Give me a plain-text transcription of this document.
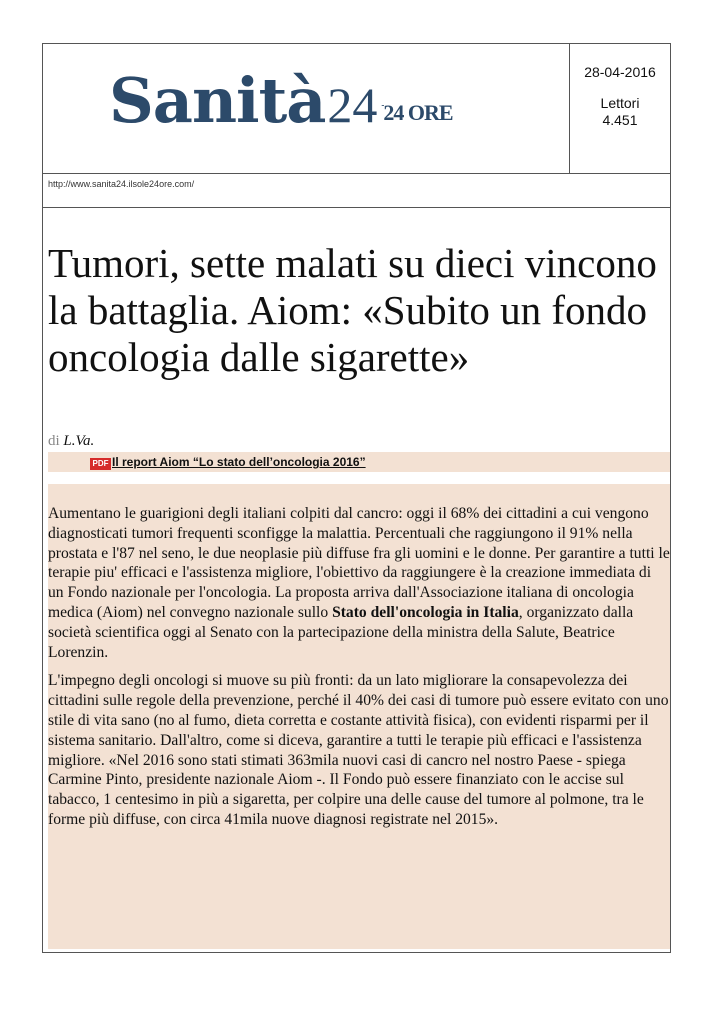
Sanità 24 -24 ORE
28-04-2016
Lettori
4.451
http://www.sanita24.ilsole24ore.com/
Tumori, sette malati su dieci vincono la battaglia. Aiom: «Subito un fondo oncologia dalle sigarette»
di L.Va.
PDF Il report Aiom “Lo stato dell’oncologia 2016”

Aumentano le guarigioni degli italiani colpiti dal cancro: oggi il 68% dei cittadini a cui vengono diagnosticati tumori frequenti sconfigge la malattia. Percentuali che raggiungono il 91% nella prostata e l'87 nel seno, le due neoplasie più diffuse fra gli uomini e le donne. Per garantire a tutti le terapie piu' efficaci e l'assistenza migliore, l'obiettivo da raggiungere è la creazione immediata di un Fondo nazionale per l'oncologia. La proposta arriva dall'Associazione italiana di oncologia medica (Aiom) nel convegno nazionale sullo Stato dell'oncologia in Italia, organizzato dalla società scientifica oggi al Senato con la partecipazione della ministra della Salute, Beatrice Lorenzin.

L'impegno degli oncologi si muove su più fronti: da un lato migliorare la consapevolezza dei cittadini sulle regole della prevenzione, perché il 40% dei casi di tumore può essere evitato con uno stile di vita sano (no al fumo, dieta corretta e costante attività fisica), con evidenti risparmi per il sistema sanitario. Dall'altro, come si diceva, garantire a tutti le terapie più efficaci e l'assistenza migliore. «Nel 2016 sono stati stimati 363mila nuovi casi di cancro nel nostro Paese - spiega Carmine Pinto, presidente nazionale Aiom -. Il Fondo può essere finanziato con le accise sul tabacco, 1 centesimo in più a sigaretta, per colpire una delle cause del tumore al polmone, tra le forme più diffuse, con circa 41mila nuove diagnosi registrate nel 2015».
